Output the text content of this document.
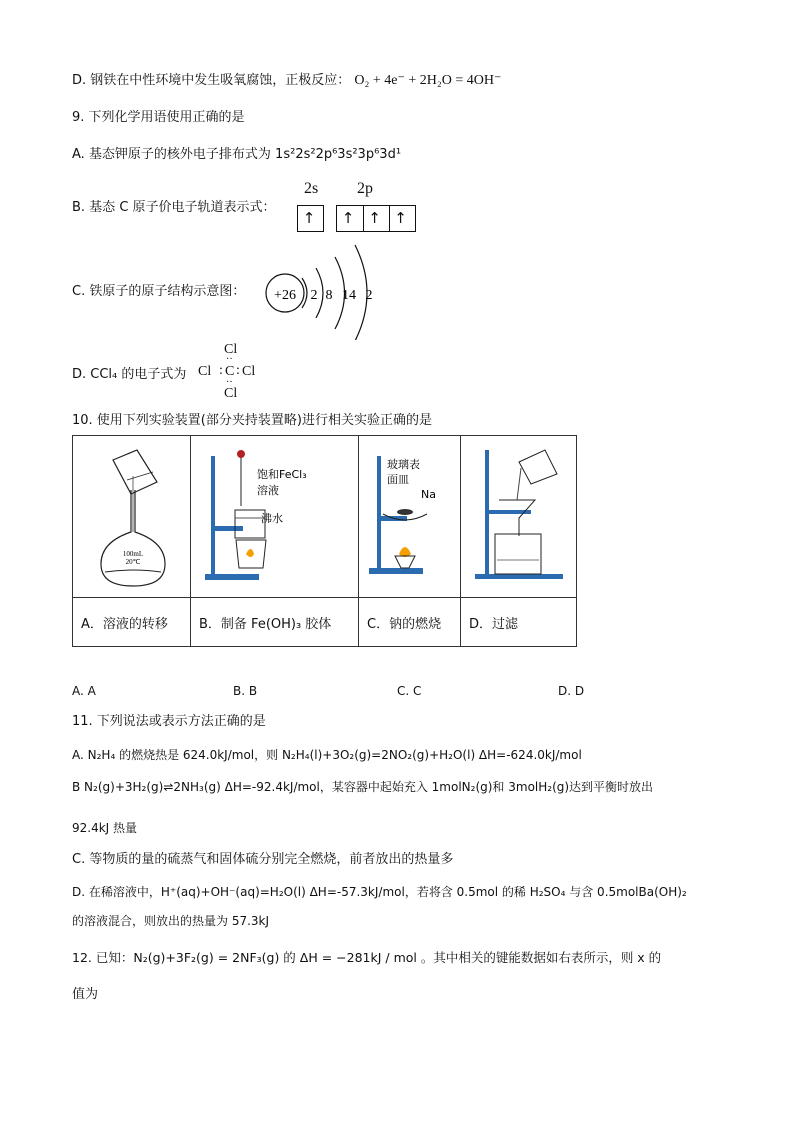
D. 钢铁在中性环境中发生吸氧腐蚀，正极反应： O₂ + 4e⁻ + 2H₂O = 4OH⁻
9. 下列化学用语使用正确的是
A. 基态钾原子的核外电子排布式为 1s²2s²2p⁶3s²3p⁶3d¹
B. 基态 C 原子价电子轨道表示式：
2s 2p
↑	↑ ↑ ↑
C. 铁原子的原子结构示意图： +26 2 8 14 2
D. CCl₄ 的电子式为
Cl
··
Cl : C : Cl
··
Cl
10. 使用下列实验装置(部分夹持装置略)进行相关实验正确的是
100mL
20℃	饱和FeCl₃
溶液
沸水	玻璃表
面皿
Na

A．溶液的转移	B．制备 Fe(OH)₃ 胶体	C．钠的燃烧	D．过滤
A. A	B. B	C. C	D. D
11. 下列说法或表示方法正确的是
A. N₂H₄ 的燃烧热是 624.0kJ/mol，则 N₂H₄(l)+3O₂(g)=2NO₂(g)+H₂O(l) ΔH=-624.0kJ/mol
B N₂(g)+3H₂(g)⇌2NH₃(g) ΔH=-92.4kJ/mol，某容器中起始充入 1molN₂(g)和 3molH₂(g)达到平衡时放出
92.4kJ 热量
C. 等物质的量的硫蒸气和固体硫分别完全燃烧，前者放出的热量多
D. 在稀溶液中，H⁺(aq)+OH⁻(aq)=H₂O(l) ΔH=-57.3kJ/mol，若将含 0.5mol 的稀 H₂SO₄ 与含 0.5molBa(OH)₂
的溶液混合，则放出的热量为 57.3kJ
12. 已知：N₂(g)+3F₂(g) = 2NF₃(g) 的 ΔH = −281kJ / mol 。其中相关的键能数据如右表所示，则 x 的
值为
